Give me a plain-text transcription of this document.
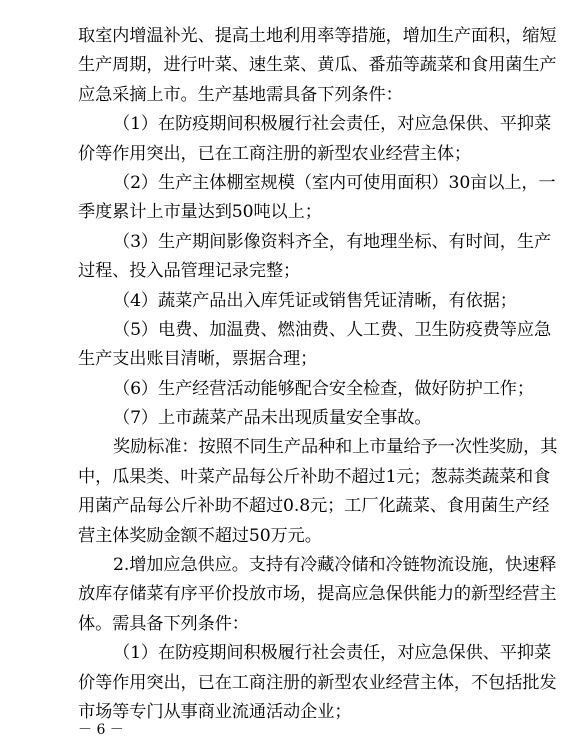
取室内增温补光、提高土地利用率等措施，增加生产面积，缩短
生产周期，进行叶菜、速生菜、黄瓜、番茄等蔬菜和食用菌生产
应急采摘上市。生产基地需具备下列条件：
（1）在防疫期间积极履行社会责任，对应急保供、平抑菜
价等作用突出，已在工商注册的新型农业经营主体；
（2）生产主体棚室规模（室内可使用面积）30亩以上，一
季度累计上市量达到50吨以上；
（3）生产期间影像资料齐全，有地理坐标、有时间，生产
过程、投入品管理记录完整；
（4）蔬菜产品出入库凭证或销售凭证清晰，有依据；
（5）电费、加温费、燃油费、人工费、卫生防疫费等应急
生产支出账目清晰，票据合理；
（6）生产经营活动能够配合安全检查，做好防护工作；
（7）上市蔬菜产品未出现质量安全事故。
奖励标准：按照不同生产品种和上市量给予一次性奖励，其
中，瓜果类、叶菜产品每公斤补助不超过1元；葱蒜类蔬菜和食
用菌产品每公斤补助不超过0.8元；工厂化蔬菜、食用菌生产经
营主体奖励金额不超过50万元。
2.增加应急供应。支持有冷藏冷储和冷链物流设施，快速释
放库存储菜有序平价投放市场，提高应急保供能力的新型经营主
体。需具备下列条件：
（1）在防疫期间积极履行社会责任，对应急保供、平抑菜
价等作用突出，已在工商注册的新型农业经营主体，不包括批发
市场等专门从事商业流通活动企业；
－ 6 －
